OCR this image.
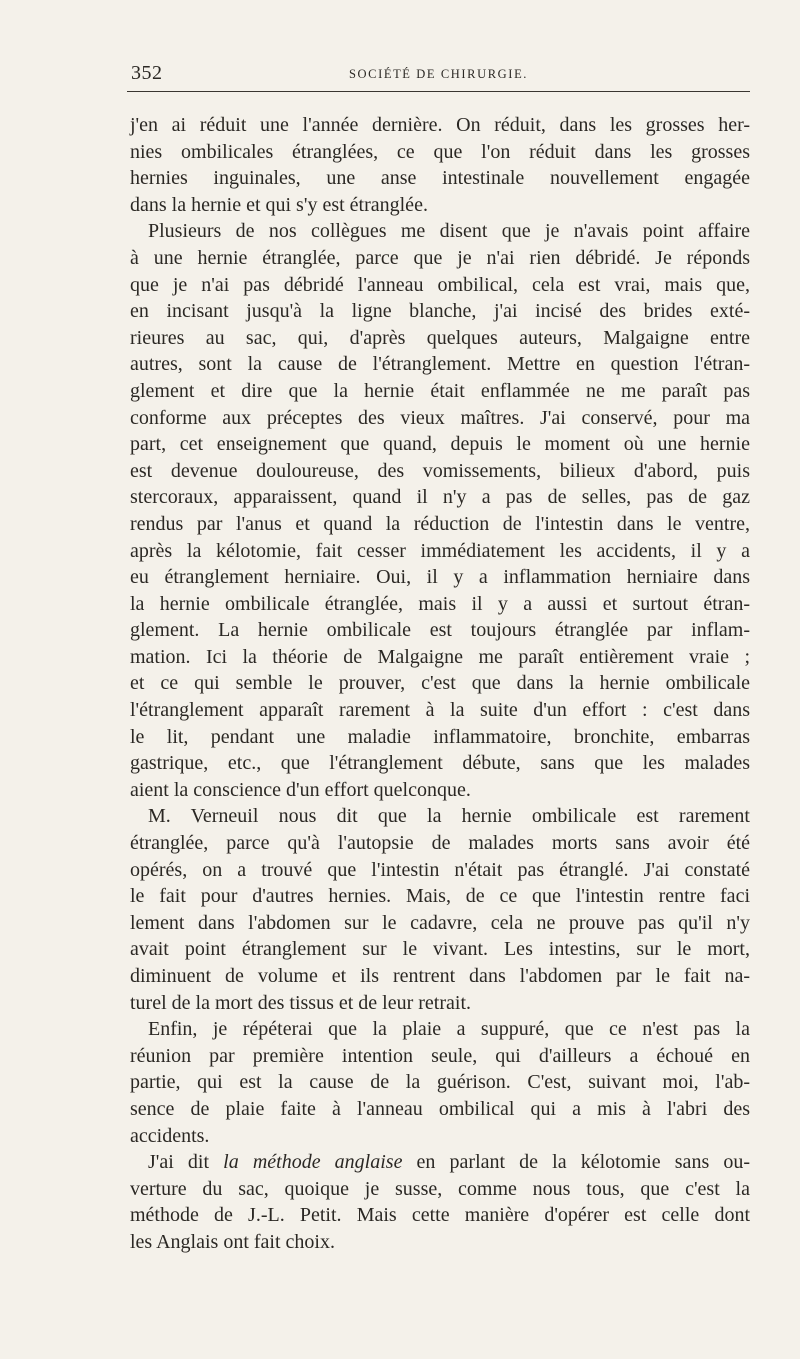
352	SOCIÉTÉ DE CHIRURGIE.
j'en ai réduit une l'année dernière. On réduit, dans les grosses her-
nies ombilicales étranglées, ce que l'on réduit dans les grosses
hernies inguinales, une anse intestinale nouvellement engagée
dans la hernie et qui s'y est étranglée.
Plusieurs de nos collègues me disent que je n'avais point affaire
à une hernie étranglée, parce que je n'ai rien débridé. Je réponds
que je n'ai pas débridé l'anneau ombilical, cela est vrai, mais que,
en incisant jusqu'à la ligne blanche, j'ai incisé des brides exté-
rieures au sac, qui, d'après quelques auteurs, Malgaigne entre
autres, sont la cause de l'étranglement. Mettre en question l'étran-
glement et dire que la hernie était enflammée ne me paraît pas
conforme aux préceptes des vieux maîtres. J'ai conservé, pour ma
part, cet enseignement que quand, depuis le moment où une hernie
est devenue douloureuse, des vomissements, bilieux d'abord, puis
stercoraux, apparaissent, quand il n'y a pas de selles, pas de gaz
rendus par l'anus et quand la réduction de l'intestin dans le ventre,
après la kélotomie, fait cesser immédiatement les accidents, il y a
eu étranglement herniaire. Oui, il y a inflammation herniaire dans
la hernie ombilicale étranglée, mais il y a aussi et surtout étran-
glement. La hernie ombilicale est toujours étranglée par inflam-
mation. Ici la théorie de Malgaigne me paraît entièrement vraie ;
et ce qui semble le prouver, c'est que dans la hernie ombilicale
l'étranglement apparaît rarement à la suite d'un effort : c'est dans
le lit, pendant une maladie inflammatoire, bronchite, embarras
gastrique, etc., que l'étranglement débute, sans que les malades
aient la conscience d'un effort quelconque.
M. Verneuil nous dit que la hernie ombilicale est rarement
étranglée, parce qu'à l'autopsie de malades morts sans avoir été
opérés, on a trouvé que l'intestin n'était pas étranglé. J'ai constaté
le fait pour d'autres hernies. Mais, de ce que l'intestin rentre faci
lement dans l'abdomen sur le cadavre, cela ne prouve pas qu'il n'y
avait point étranglement sur le vivant. Les intestins, sur le mort,
diminuent de volume et ils rentrent dans l'abdomen par le fait na-
turel de la mort des tissus et de leur retrait.
Enfin, je répéterai que la plaie a suppuré, que ce n'est pas la
réunion par première intention seule, qui d'ailleurs a échoué en
partie, qui est la cause de la guérison. C'est, suivant moi, l'ab-
sence de plaie faite à l'anneau ombilical qui a mis à l'abri des
accidents.
J'ai dit la méthode anglaise en parlant de la kélotomie sans ou-
verture du sac, quoique je susse, comme nous tous, que c'est la
méthode de J.-L. Petit. Mais cette manière d'opérer est celle dont
les Anglais ont fait choix.
